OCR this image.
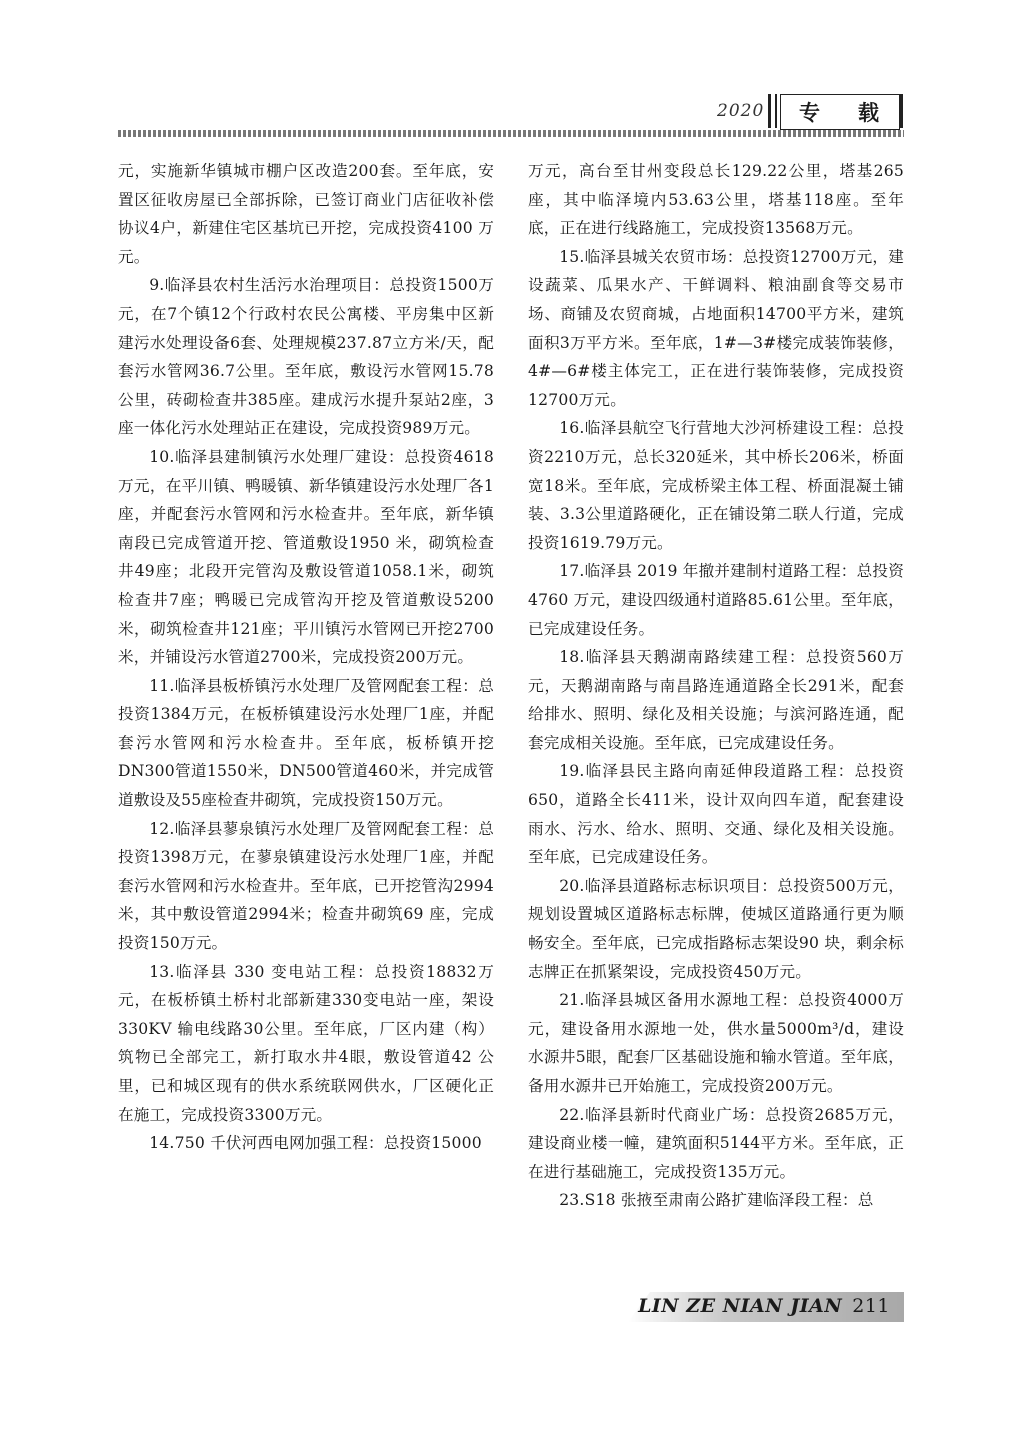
2020 专 载

元，实施新华镇城市棚户区改造200套。至年底，安置区征收房屋已全部拆除，已签订商业门店征收补偿协议4户，新建住宅区基坑已开挖，完成投资4100 万元。

9.临泽县农村生活污水治理项目：总投资1500万元，在7个镇12个行政村农民公寓楼、平房集中区新建污水处理设备6套、处理规模237.87立方米/天，配套污水管网36.7公里。至年底，敷设污水管网15.78公里，砖砌检查井385座。建成污水提升泵站2座，3座一体化污水处理站正在建设，完成投资989万元。

10.临泽县建制镇污水处理厂建设：总投资4618 万元，在平川镇、鸭暖镇、新华镇建设污水处理厂各1座，并配套污水管网和污水检查井。至年底，新华镇南段已完成管道开挖、管道敷设1950 米，砌筑检查井49座；北段开完管沟及敷设管道1058.1米，砌筑检查井7座；鸭暖已完成管沟开挖及管道敷设5200米，砌筑检查井121座；平川镇污水管网已开挖2700米，并铺设污水管道2700米，完成投资200万元。

11.临泽县板桥镇污水处理厂及管网配套工程：总投资1384万元，在板桥镇建设污水处理厂1座，并配套污水管网和污水检查井。至年底，板桥镇开挖DN300管道1550米，DN500管道460米，并完成管道敷设及55座检查井砌筑，完成投资150万元。

12.临泽县蓼泉镇污水处理厂及管网配套工程：总投资1398万元，在蓼泉镇建设污水处理厂1座，并配套污水管网和污水检查井。至年底，已开挖管沟2994米，其中敷设管道2994米；检查井砌筑69 座，完成投资150万元。

13.临泽县 330 变电站工程：总投资18832万元，在板桥镇土桥村北部新建330变电站一座，架设330KV 输电线路30公里。至年底，厂区内建（构）筑物已全部完工，新打取水井4眼，敷设管道42 公里，已和城区现有的供水系统联网供水，厂区硬化正在施工，完成投资3300万元。

14.750 千伏河西电网加强工程：总投资15000

万元，高台至甘州变段总长129.22公里，塔基265座，其中临泽境内53.63公里，塔基118座。至年底，正在进行线路施工，完成投资13568万元。

15.临泽县城关农贸市场：总投资12700万元，建设蔬菜、瓜果水产、干鲜调料、粮油副食等交易市场、商铺及农贸商城，占地面积14700平方米，建筑面积3万平方米。至年底，1#—3#楼完成装饰装修，4#—6#楼主体完工，正在进行装饰装修，完成投资12700万元。

16.临泽县航空飞行营地大沙河桥建设工程：总投资2210万元，总长320延米，其中桥长206米，桥面宽18米。至年底，完成桥梁主体工程、桥面混凝土铺装、3.3公里道路硬化，正在铺设第二联人行道，完成投资1619.79万元。

17.临泽县 2019 年撤并建制村道路工程：总投资4760 万元，建设四级通村道路85.61公里。至年底，已完成建设任务。

18.临泽县天鹅湖南路续建工程：总投资560万元，天鹅湖南路与南昌路连通道路全长291米，配套给排水、照明、绿化及相关设施；与滨河路连通，配套完成相关设施。至年底，已完成建设任务。

19.临泽县民主路向南延伸段道路工程：总投资650，道路全长411米，设计双向四车道，配套建设雨水、污水、给水、照明、交通、绿化及相关设施。至年底，已完成建设任务。

20.临泽县道路标志标识项目：总投资500万元，规划设置城区道路标志标牌，使城区道路通行更为顺畅安全。至年底，已完成指路标志架设90 块，剩余标志牌正在抓紧架设，完成投资450万元。

21.临泽县城区备用水源地工程：总投资4000万元，建设备用水源地一处，供水量5000m³/d，建设水源井5眼，配套厂区基础设施和输水管道。至年底，备用水源井已开始施工，完成投资200万元。

22.临泽县新时代商业广场：总投资2685万元，建设商业楼一幢，建筑面积5144平方米。至年底，正在进行基础施工，完成投资135万元。

23.S18 张掖至肃南公路扩建临泽段工程：总

LIN ZE NIAN JIAN 211
